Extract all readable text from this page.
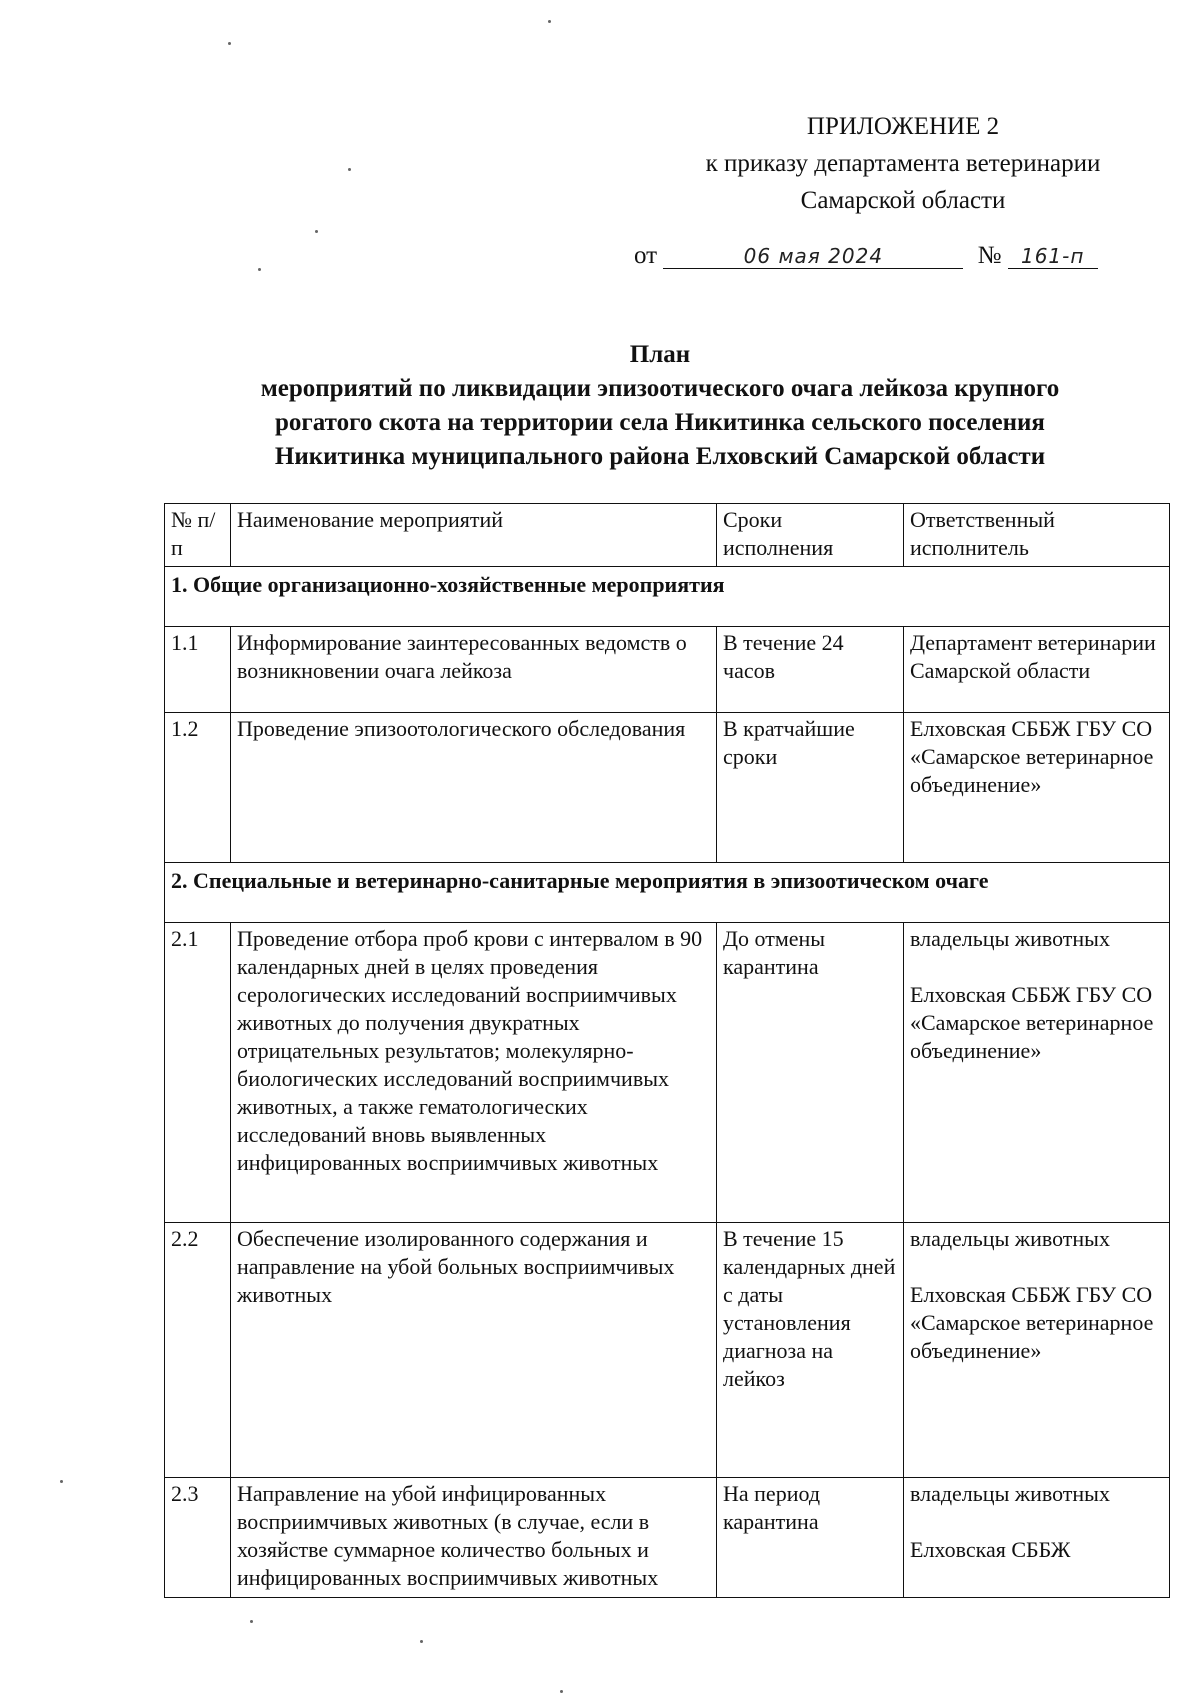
ПРИЛОЖЕНИЕ 2
к приказу департамента ветеринарии
Самарской области
от	06 мая 2024	№ 161-п
План
мероприятий по ликвидации эпизоотического очага лейкоза крупного
рогатого скота на территории села Никитинка сельского поселения
Никитинка муниципального района Елховский Самарской области
№ п/п	Наименование мероприятий	Сроки исполнения	Ответственный исполнитель
1. Общие организационно-хозяйственные мероприятия			
1.1	Информирование заинтересованных ведомств о возникновении очага лейкоза	В течение 24 часов	Департамент ветеринарии Самарской области

1.2	Проведение эпизоотологического обследования	В кратчайшие сроки	Елховская СББЖ ГБУ СО «Самарское ветеринарное объединение»

2. Специальные и ветеринарно-санитарные мероприятия в эпизоотическом очаге			
2.1	Проведение отбора проб крови с интервалом в 90 календарных дней в целях проведения серологических исследований восприимчивых животных до получения двукратных отрицательных результатов; молекулярно-биологических исследований восприимчивых животных, а также гематологических исследований вновь выявленных инфицированных восприимчивых животных	До отмены карантина	владельцы животных
Елховская СББЖ ГБУ СО «Самарское ветеринарное объединение»

2.2	Обеспечение изолированного содержания и направление на убой больных восприимчивых животных	В течение 15 календарных дней с даты установления диагноза на лейкоз	владельцы животных
Елховская СББЖ ГБУ СО «Самарское ветеринарное объединение»

2.3	Направление на убой инфицированных восприимчивых животных (в случае, если в хозяйстве суммарное количество больных и инфицированных восприимчивых животных	На период карантина	владельцы животных
Елховская СББЖ
